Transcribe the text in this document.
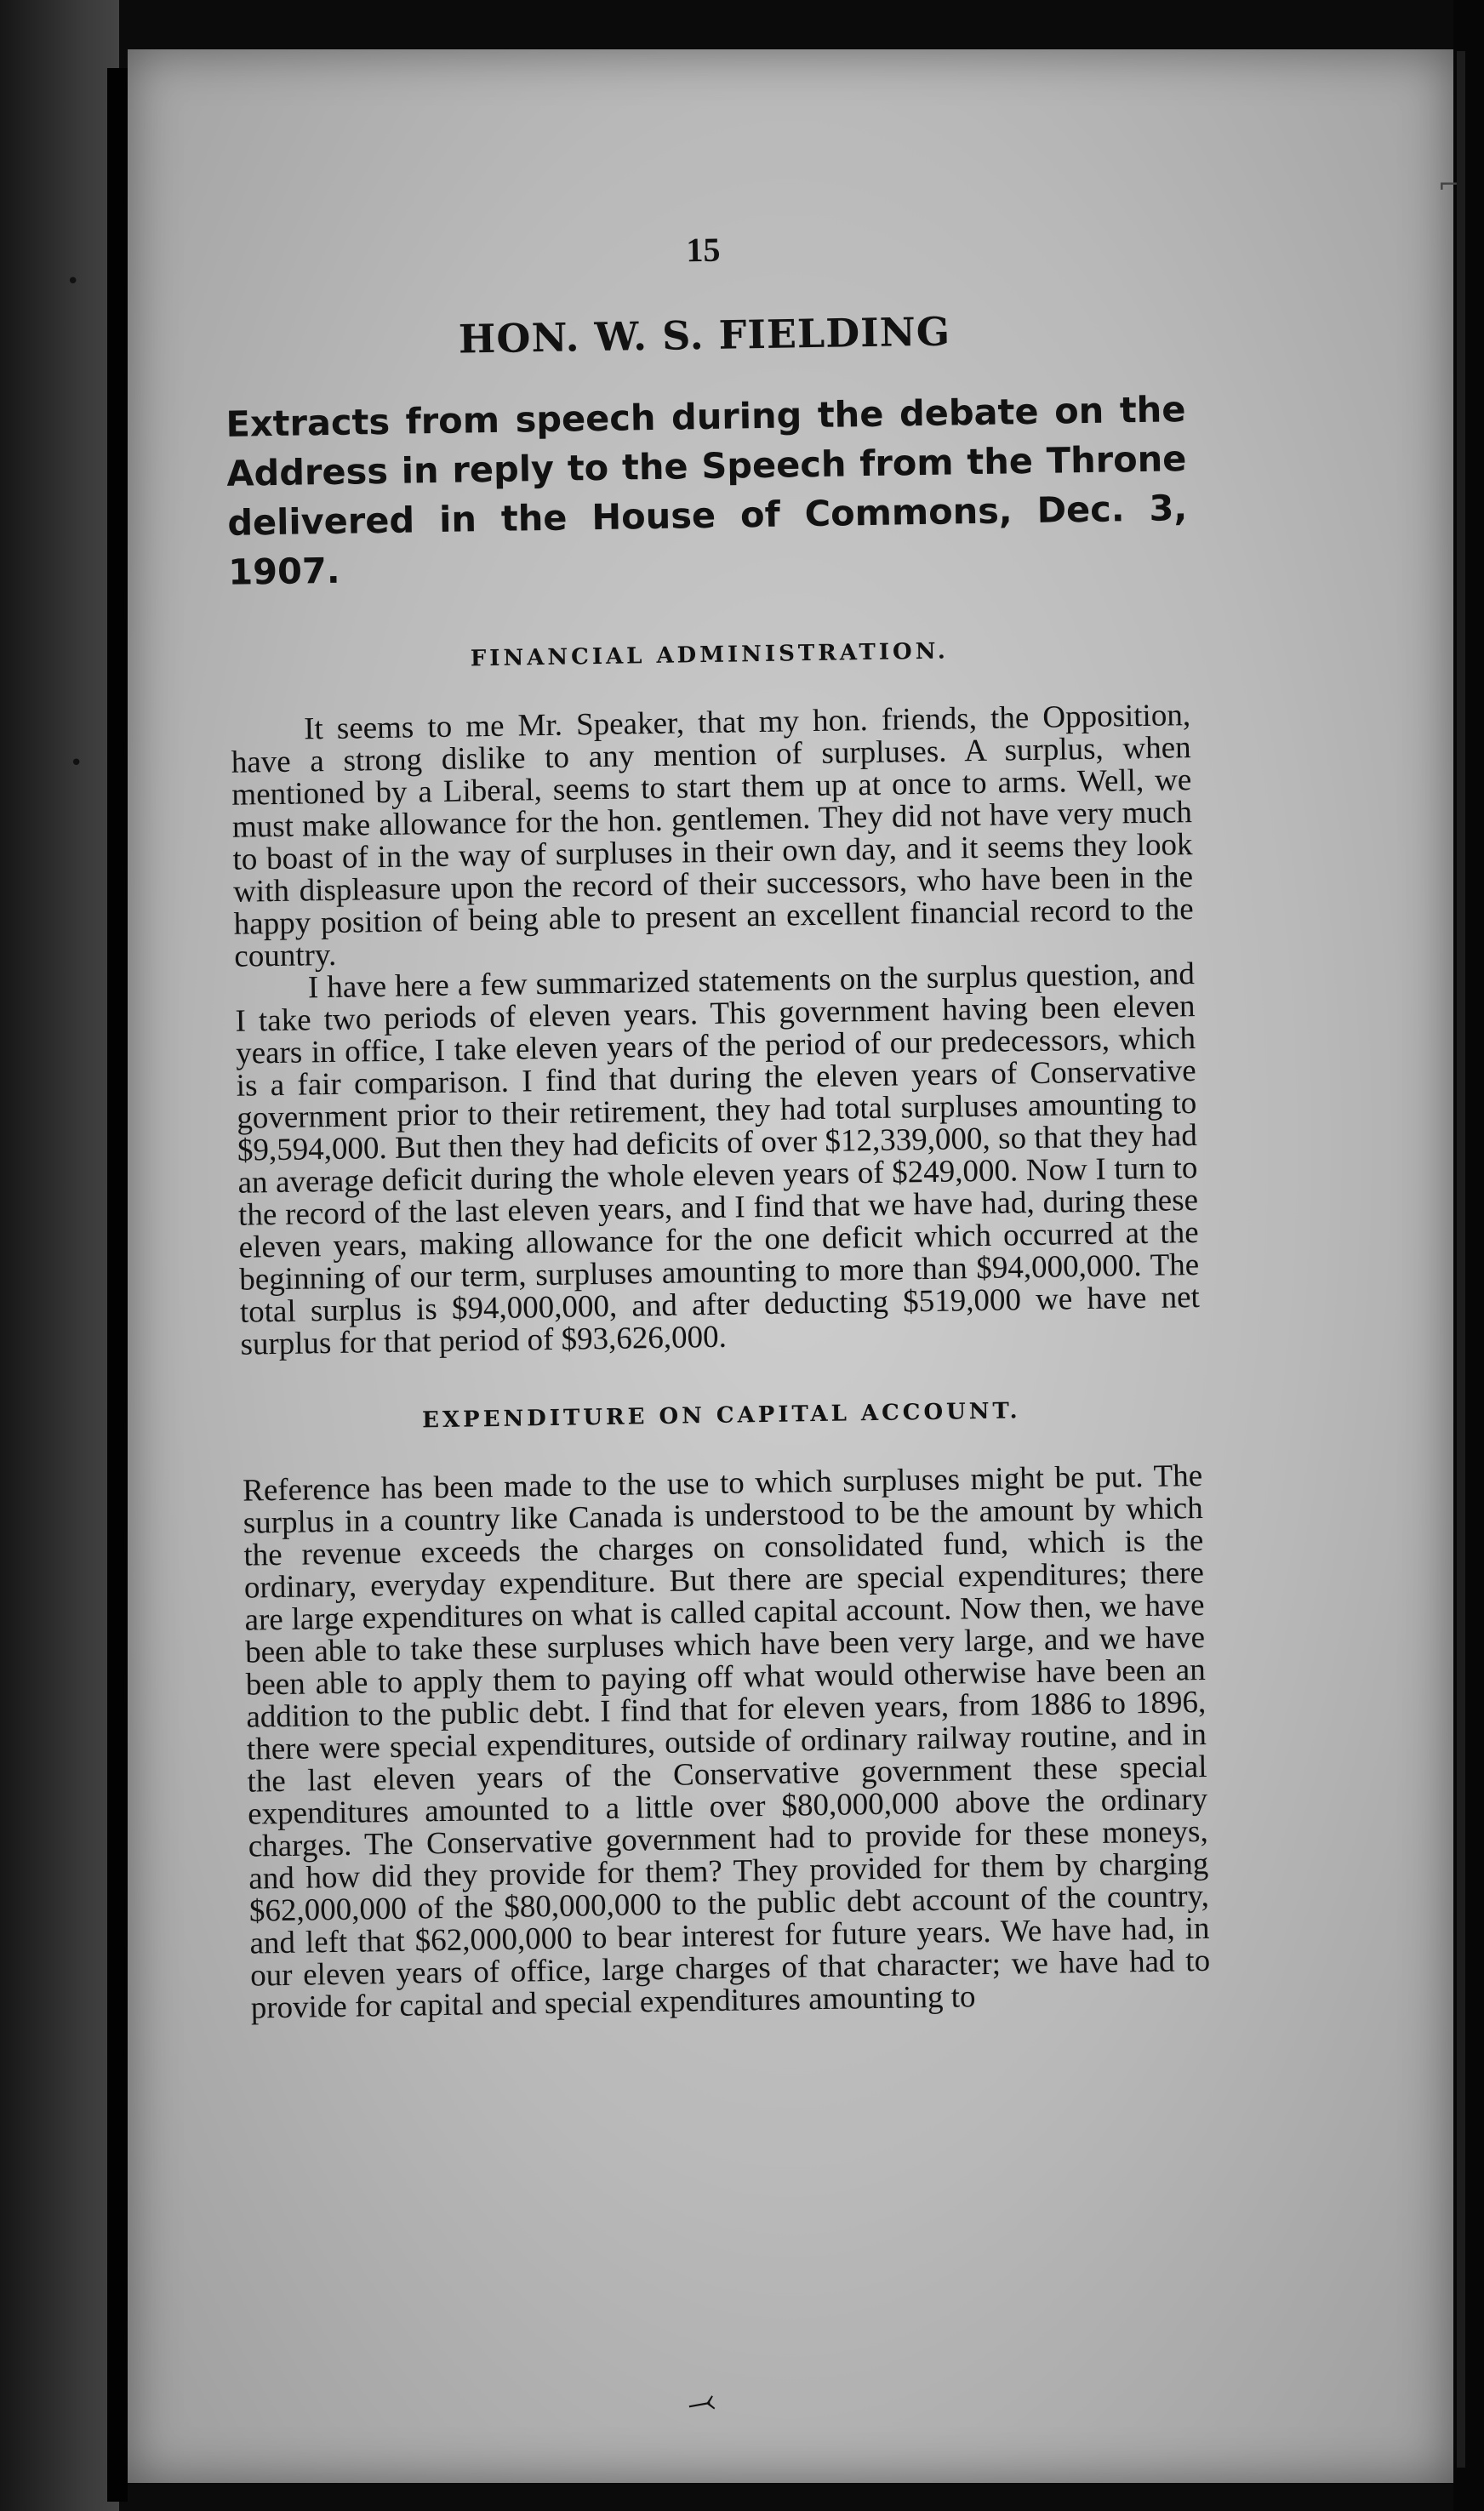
•
•
⌐
⤙
15
HON. W. S. FIELDING
Extracts from speech during the debate on the Address in reply to the Speech from the Throne delivered in the House of Commons, Dec. 3, 1907.
FINANCIAL ADMINISTRATION.

It seems to me Mr. Speaker, that my hon. friends, the Opposition, have a strong dislike to any mention of surpluses. A surplus, when mentioned by a Liberal, seems to start them up at once to arms. Well, we must make allowance for the hon. gentlemen. They did not have very much to boast of in the way of surpluses in their own day, and it seems they look with displeasure upon the record of their successors, who have been in the happy position of being able to present an excellent financial record to the country.

I have here a few summarized statements on the surplus question, and I take two periods of eleven years. This government having been eleven years in office, I take eleven years of the period of our predecessors, which is a fair comparison. I find that during the eleven years of Conservative government prior to their retirement, they had total surpluses amounting to $9,594,000. But then they had deficits of over $12,339,000, so that they had an average deficit during the whole eleven years of $249,000. Now I turn to the record of the last eleven years, and I find that we have had, during these eleven years, making allowance for the one deficit which occurred at the beginning of our term, surpluses amounting to more than $94,000,000. The total surplus is $94,000,000, and after deducting $519,000 we have net surplus for that period of $93,626,000.

EXPENDITURE ON CAPITAL ACCOUNT.

Reference has been made to the use to which surpluses might be put. The surplus in a country like Canada is understood to be the amount by which the revenue exceeds the charges on consolidated fund, which is the ordinary, everyday expenditure. But there are special expenditures; there are large expenditures on what is called capital account. Now then, we have been able to take these surpluses which have been very large, and we have been able to apply them to paying off what would otherwise have been an addition to the public debt. I find that for eleven years, from 1886 to 1896, there were special expenditures, outside of ordinary railway routine, and in the last eleven years of the Conservative government these special expenditures amounted to a little over $80,000,000 above the ordinary charges. The Conservative government had to provide for these moneys, and how did they provide for them? They provided for them by charging $62,000,000 of the $80,000,000 to the public debt account of the country, and left that $62,000,000 to bear interest for future years. We have had, in our eleven years of office, large charges of that character; we have had to provide for capital and special expenditures amounting to
